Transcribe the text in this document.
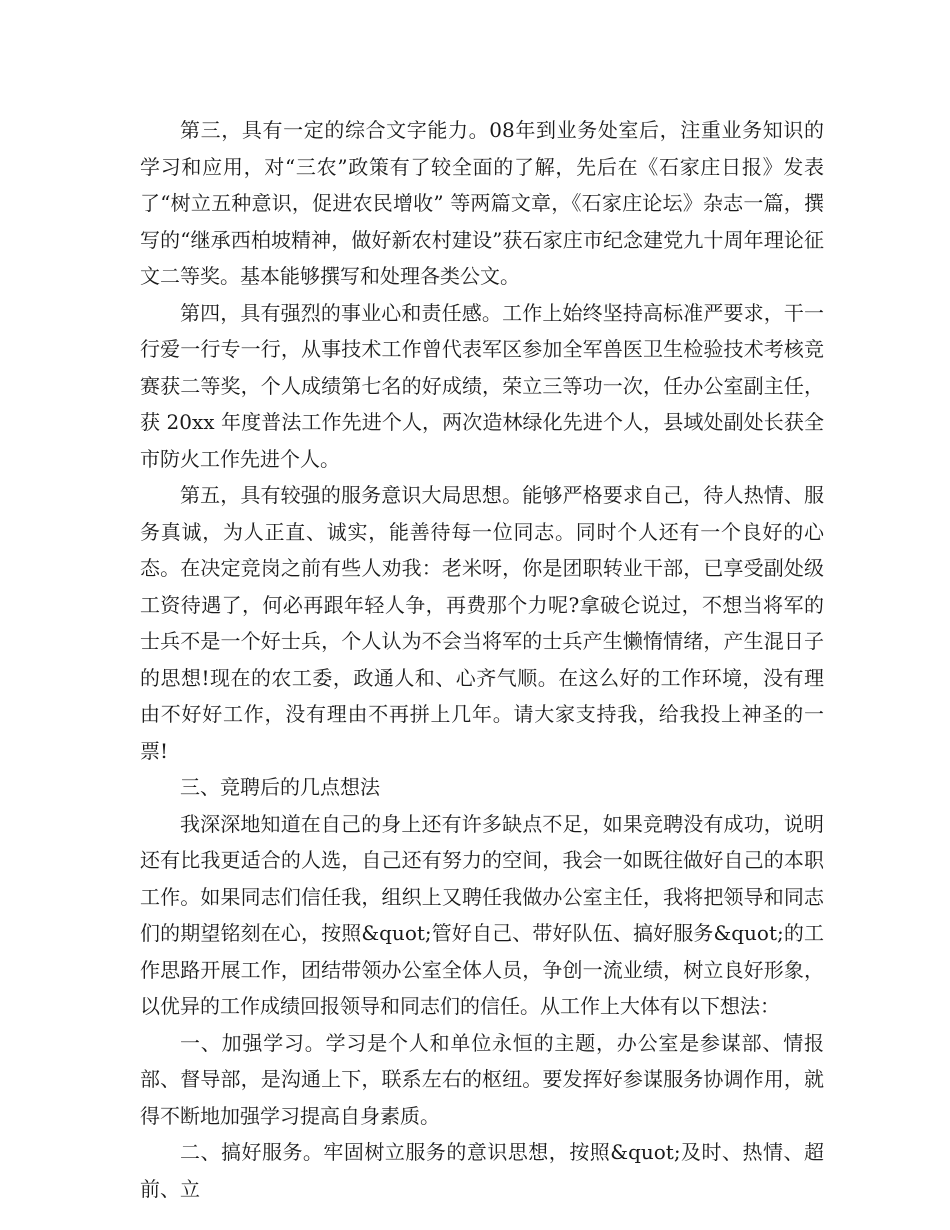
第三，具有一定的综合文字能力。08年到业务处室后，注重业务知识的学习和应用，对“三农”政策有了较全面的了解，先后在《石家庄日报》发表了“树立五种意识，促进农民增收” 等两篇文章，《石家庄论坛》杂志一篇，撰写的“继承西柏坡精神，做好新农村建设”获石家庄市纪念建党九十周年理论征文二等奖。基本能够撰写和处理各类公文。

第四，具有强烈的事业心和责任感。工作上始终坚持高标准严要求，干一行爱一行专一行，从事技术工作曾代表军区参加全军兽医卫生检验技术考核竞赛获二等奖，个人成绩第七名的好成绩，荣立三等功一次，任办公室副主任，获 20xx 年度普法工作先进个人，两次造林绿化先进个人，县域处副处长获全市防火工作先进个人。

第五，具有较强的服务意识大局思想。能够严格要求自己，待人热情、服务真诚，为人正直、诚实，能善待每一位同志。同时个人还有一个良好的心态。在决定竞岗之前有些人劝我：老米呀，你是团职转业干部，已享受副处级工资待遇了，何必再跟年轻人争，再费那个力呢?拿破仑说过，不想当将军的士兵不是一个好士兵，个人认为不会当将军的士兵产生懒惰情绪，产生混日子的思想!现在的农工委，政通人和、心齐气顺。在这么好的工作环境，没有理由不好好工作，没有理由不再拼上几年。请大家支持我，给我投上神圣的一票!

三、竞聘后的几点想法

我深深地知道在自己的身上还有许多缺点不足，如果竞聘没有成功，说明还有比我更适合的人选，自己还有努力的空间，我会一如既往做好自己的本职工作。如果同志们信任我，组织上又聘任我做办公室主任，我将把领导和同志们的期望铭刻在心，按照&quot;管好自己、带好队伍、搞好服务&quot;的工作思路开展工作，团结带领办公室全体人员，争创一流业绩，树立良好形象，以优异的工作成绩回报领导和同志们的信任。从工作上大体有以下想法：

一、加强学习。学习是个人和单位永恒的主题，办公室是参谋部、情报部、督导部，是沟通上下，联系左右的枢纽。要发挥好参谋服务协调作用，就得不断地加强学习提高自身素质。

二、搞好服务。牢固树立服务的意识思想，按照&quot;及时、热情、超前、立
